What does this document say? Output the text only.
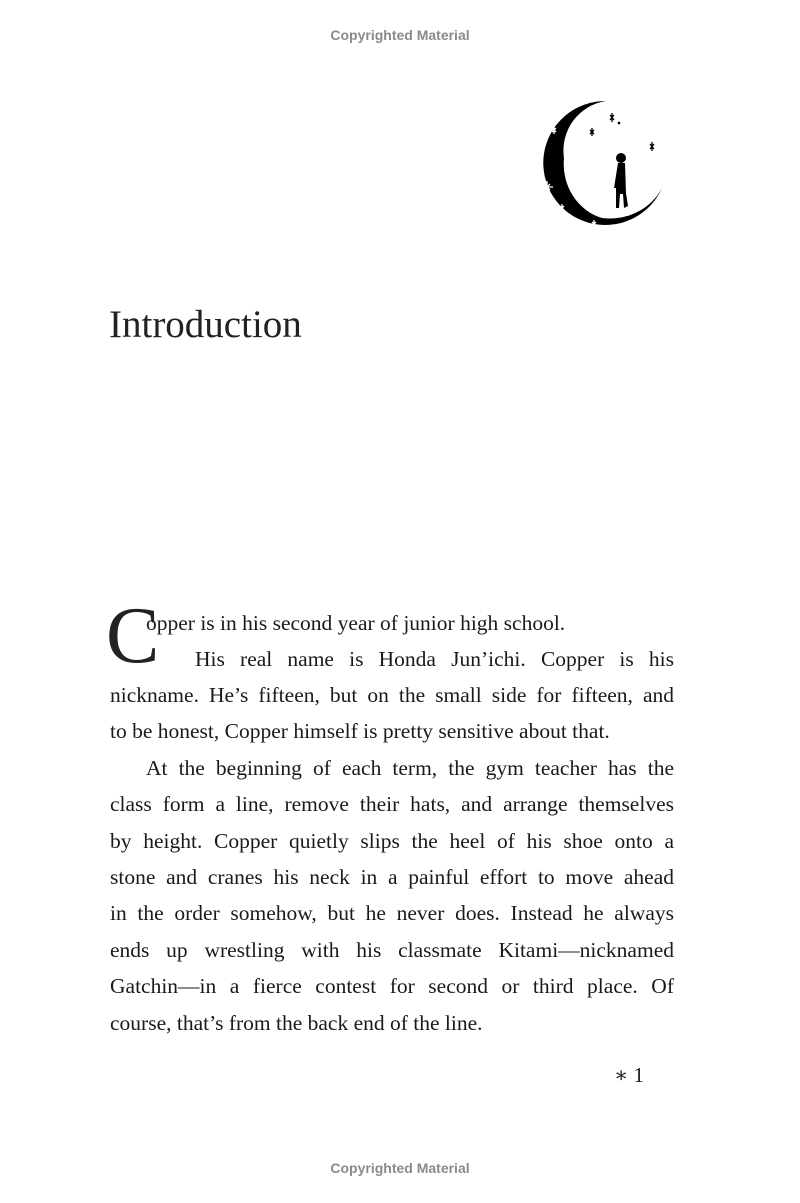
Copyrighted Material
Introduction
C
opper is in his second year of junior high school.
His real name is Honda Jun’ichi. Copper is his
nickname. He’s fifteen, but on the small side for fifteen, and
to be honest, Copper himself is pretty sensitive about that.
At the beginning of each term, the gym teacher has the
class form a line, remove their hats, and arrange themselves
by height. Copper quietly slips the heel of his shoe onto a
stone and cranes his neck in a painful effort to move ahead
in the order somehow, but he never does. Instead he always
ends up wrestling with his classmate Kitami—nicknamed
Gatchin—in a fierce contest for second or third place. Of
course, that’s from the back end of the line.
∗ 1
Copyrighted Material
